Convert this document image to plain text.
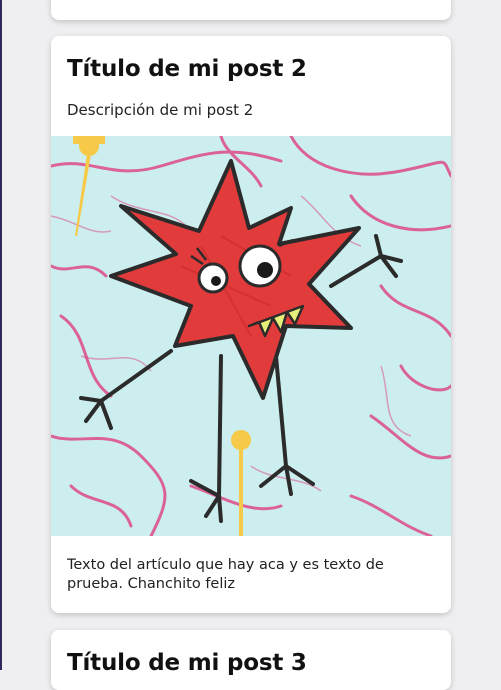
Título de mi post 2

Descripción de mi post 2

Texto del artículo que hay aca y es texto de prueba. Chanchito feliz

Título de mi post 3
